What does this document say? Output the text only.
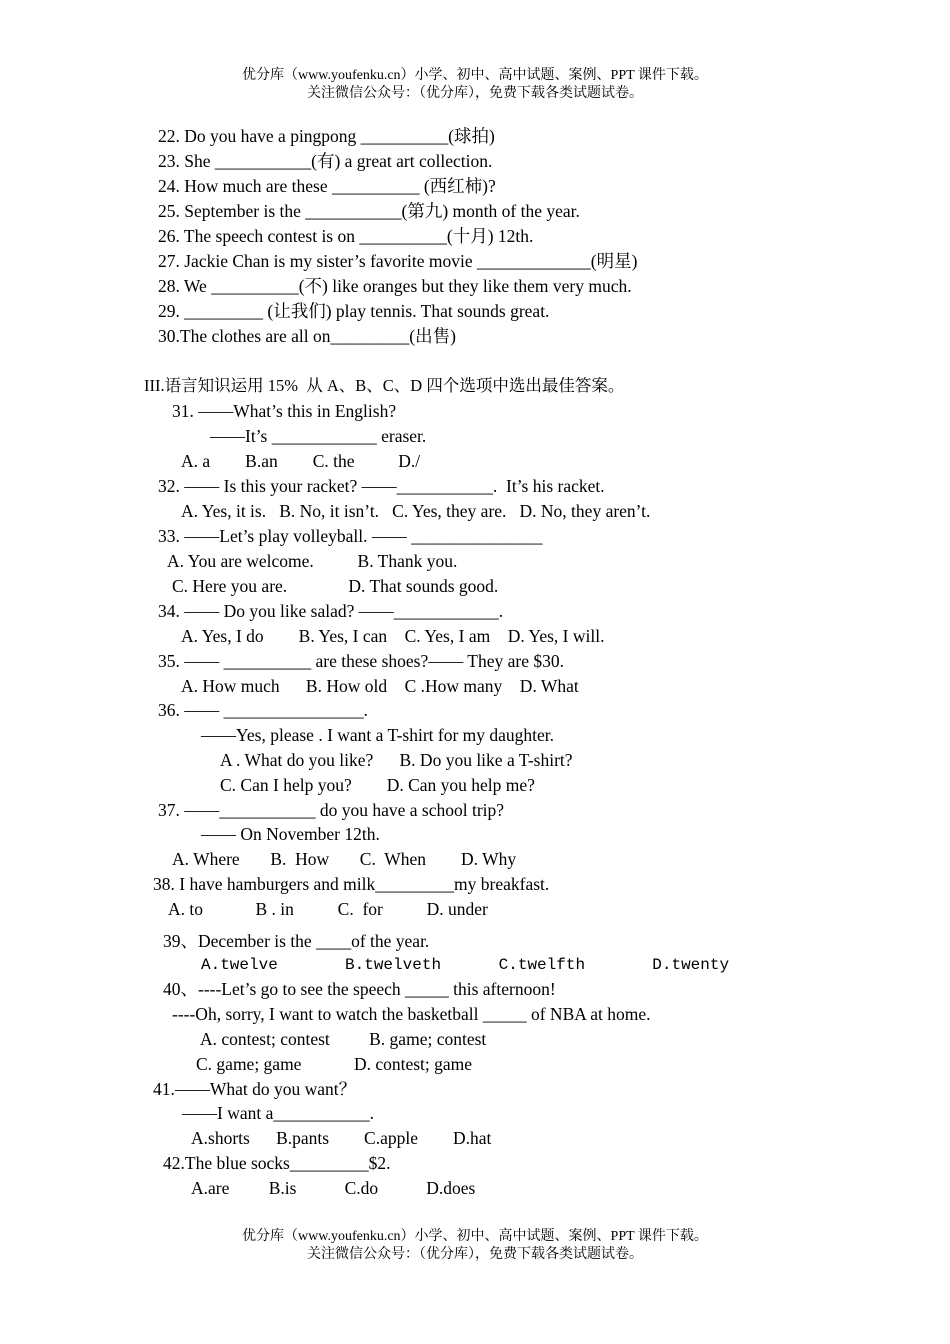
优分库（www.youfenku.cn）小学、初中、高中试题、案例、PPT 课件下载。
关注微信公众号：（优分库），免费下载各类试题试卷。
22. Do you have a pingpong __________(球拍)
23. She ___________(有) a great art collection.
24. How much are these __________ (西红柿)?
25. September is the ___________(第九) month of the year.
26. The speech contest is on __________(十月) 12th.
27. Jackie Chan is my sister’s favorite movie _____________(明星)
28. We __________(不) like oranges but they like them very much.
29. _________ (让我们) play tennis. That sounds great.
30.The clothes are all on_________(出售)
III.语言知识运用 15%  从 A、B、C、D 四个选项中选出最佳答案。
31. ——What’s this in English?
——It’s ____________ eraser.
A. a        B.an        C. the          D./
32. —— Is this your racket? ——___________.  It’s his racket.
A. Yes, it is.   B. No, it isn’t.   C. Yes, they are.   D. No, they aren’t.
33. ——Let’s play volleyball. —— _______________
A. You are welcome.          B. Thank you.
C. Here you are.              D. That sounds good.
34. —— Do you like salad? ——____________.
A. Yes, I do        B. Yes, I can    C. Yes, I am    D. Yes, I will.
35. —— __________ are these shoes?—— They are $30.
A. How much      B. How old    C .How many    D. What
36. —— ________________.
——Yes, please . I want a T-shirt for my daughter.
A . What do you like?      B. Do you like a T-shirt?
C. Can I help you?        D. Can you help me?
37. ——___________ do you have a school trip?
—— On November 12th.
A. Where       B.  How       C.  When        D. Why
38. I have hamburgers and milk_________my breakfast.
A. to            B . in          C.  for          D. under
39、December is the ____of the year.
A.twelve       B.twelveth      C.twelfth       D.twenty
40、----Let’s go to see the speech _____ this afternoon!
----Oh, sorry, I want to watch the basketball _____ of NBA at home.
A. contest; contest         B. game; contest
C. game; game            D. contest; game
41.——What do you want？
——I want a___________.
A.shorts      B.pants        C.apple        D.hat
42.The blue socks_________$2.
A.are         B.is           C.do           D.does
优分库（www.youfenku.cn）小学、初中、高中试题、案例、PPT 课件下载。
关注微信公众号：（优分库），免费下载各类试题试卷。
